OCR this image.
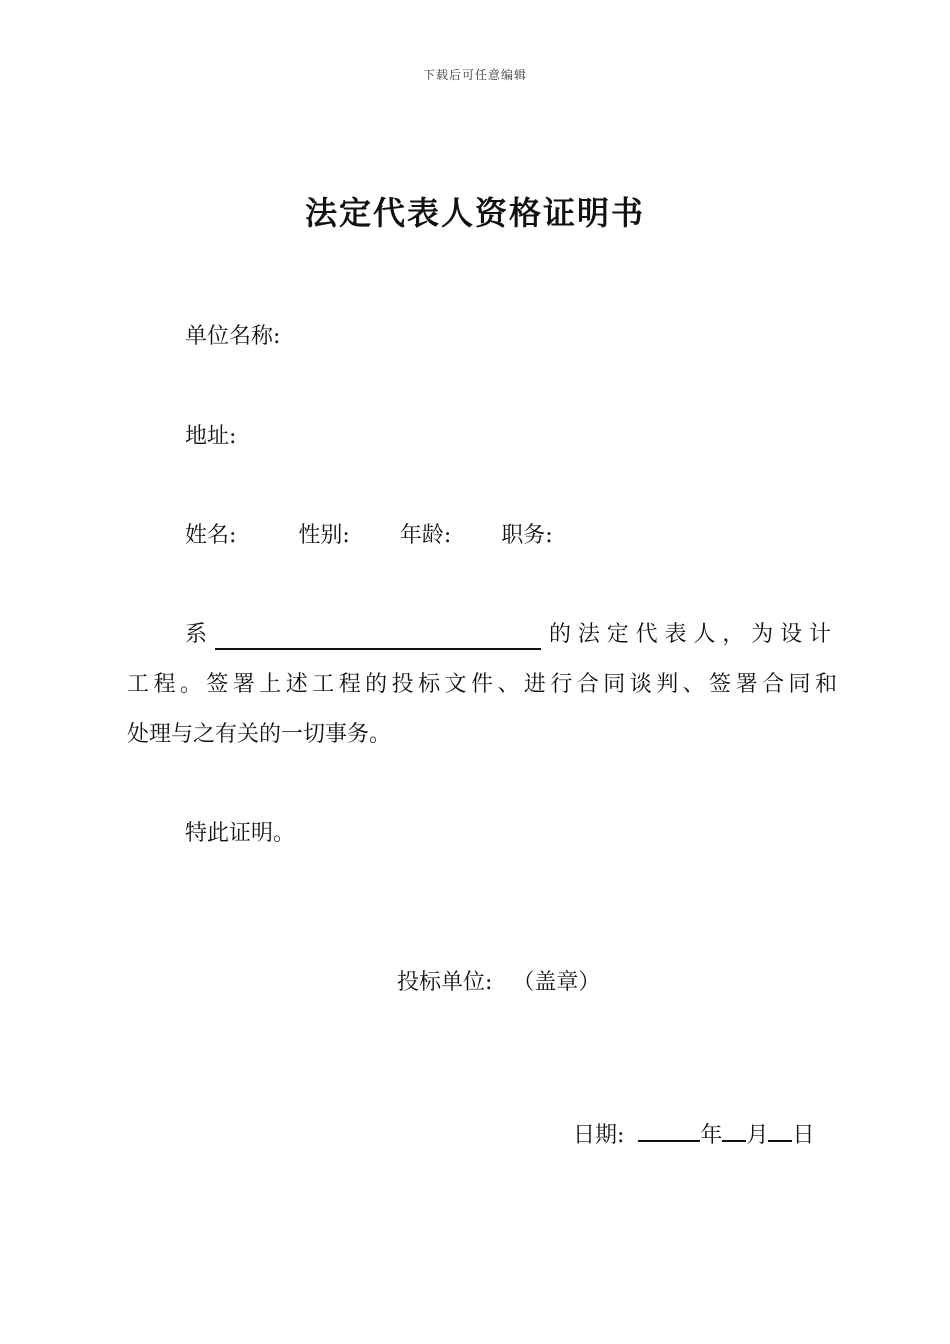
下载后可任意编辑
法定代表人资格证明书
单位名称:
地址:
姓名:	性别: 年龄: 职务:
系	的法定代表人，为设计
工程。签署上述工程的投标文件、进行合同谈判、签署合同和
处理与之有关的一切事务。
特此证明。
投标单位: （盖章）
日期:	年 月 日
